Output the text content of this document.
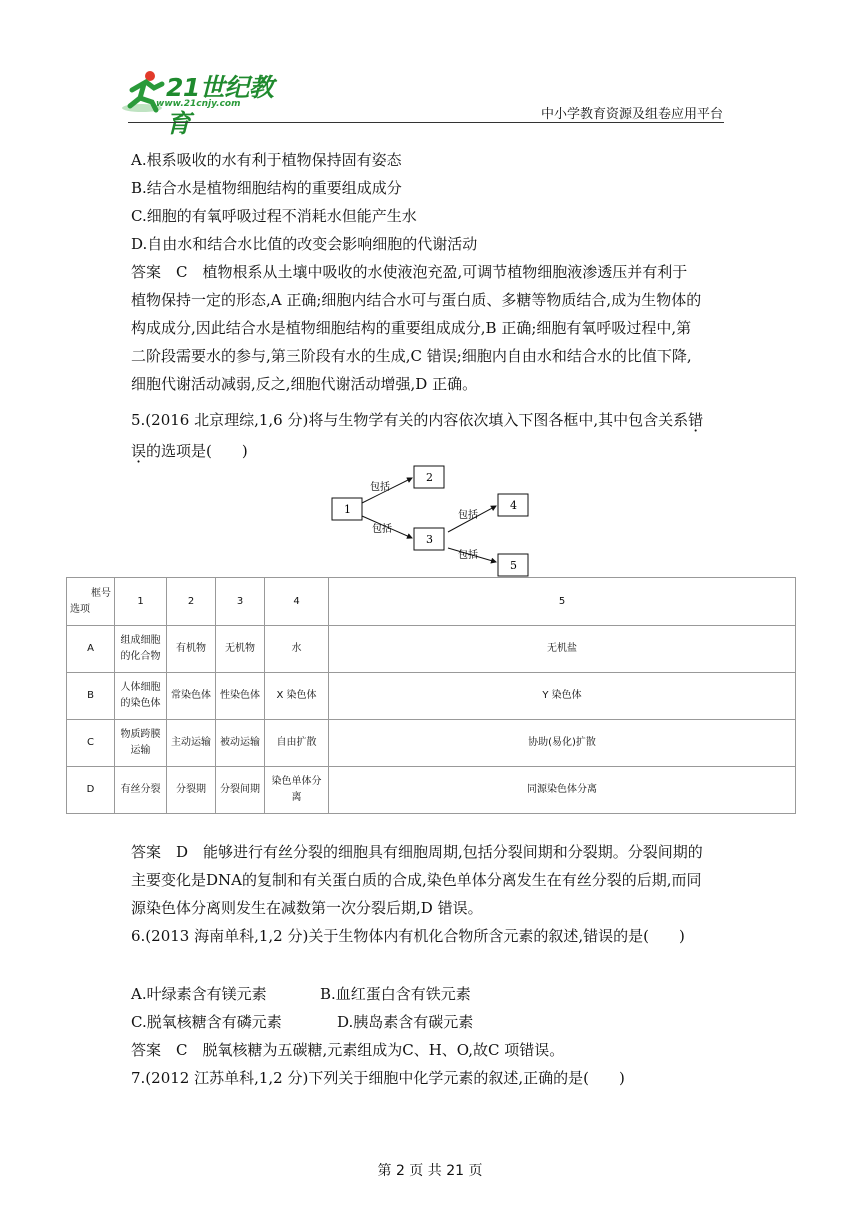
21世纪教育
www.21cnjy.com
中小学教育资源及组卷应用平台
A.根系吸收的水有利于植物保持固有姿态
B.结合水是植物细胞结构的重要组成成分
C.细胞的有氧呼吸过程不消耗水但能产生水
D.自由水和结合水比值的改变会影响细胞的代谢活动
答案　C　植物根系从土壤中吸收的水使液泡充盈,可调节植物细胞液渗透压并有利于
植物保持一定的形态,A 正确;细胞内结合水可与蛋白质、多糖等物质结合,成为生物体的
构成成分,因此结合水是植物细胞结构的重要组成成分,B 正确;细胞有氧呼吸过程中,第
二阶段需要水的参与,第三阶段有水的生成,C 错误;细胞内自由水和结合水的比值下降,
细胞代谢活动减弱,反之,细胞代谢活动增强,D 正确。
5.(2016 北京理综,1,6 分)将与生物学有关的内容依次填入下图各框中,其中包含关系错
误的选项是(　　)
包括
包括
包括
包括
1
2
3
4
5
框号
选项	1	2	3	4	5
A	组成细胞的化合物	有机物	无机物	水	无机盐
B	人体细胞的染色体	常染色体	性染色体	X 染色体	Y 染色体
C	物质跨膜运输	主动运输	被动运输	自由扩散	协助(易化)扩散
D	有丝分裂	分裂期	分裂间期	染色单体分离	同源染色体分离
答案　D　能够进行有丝分裂的细胞具有细胞周期,包括分裂间期和分裂期。分裂间期的
主要变化是DNA的复制和有关蛋白质的合成,染色单体分离发生在有丝分裂的后期,而同
源染色体分离则发生在减数第一次分裂后期,D 错误。
6.(2013 海南单科,1,2 分)关于生物体内有机化合物所含元素的叙述,错误的是(　　)
A.叶绿素含有镁元素	B.血红蛋白含有铁元素
C.脱氧核糖含有磷元素	D.胰岛素含有碳元素
答案　C　脱氧核糖为五碳糖,元素组成为C、H、O,故C 项错误。
7.(2012 江苏单科,1,2 分)下列关于细胞中化学元素的叙述,正确的是(　　)
第 2 页 共 21 页
